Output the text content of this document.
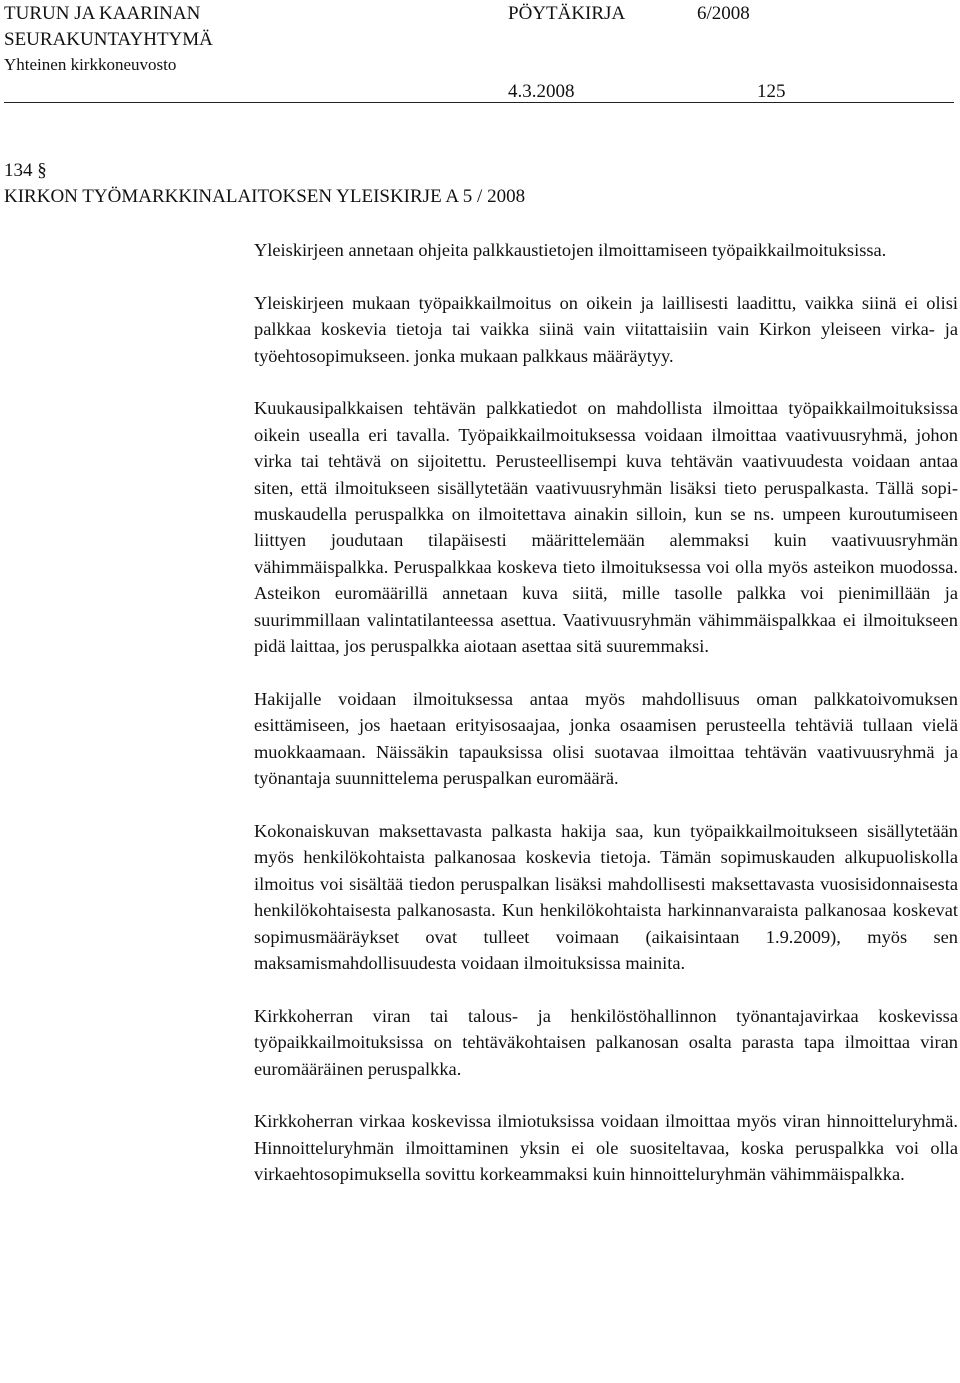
TURUN JA KAARINAN
SEURAKUNTAYHTYMÄ
Yhteinen kirkkoneuvosto
PÖYTÄKIRJA	6/2008
4.3.2008	125
134 §
KIRKON TYÖMARKKINALAITOKSEN YLEISKIRJE A 5 / 2008

Yleiskirjeen annetaan ohjeita palkkaustietojen ilmoittamiseen työpaikkailmoituksissa.

Yleiskirjeen mukaan työpaikkailmoitus on oikein ja laillisesti laadittu, vaikka siinä ei olisi palkkaa koskevia tietoja tai vaikka siinä vain viitattaisiin vain Kirkon yleiseen virka- ja työehtosopimukseen. jonka mukaan palkkaus määräytyy.

Kuukausipalkkaisen tehtävän palkkatiedot on mahdollista ilmoittaa työpaikkailmoituksissa oikein usealla eri tavalla. Työpaikkailmoituksessa voidaan ilmoittaa vaativuusryhmä, johon virka tai tehtävä on sijoitettu. Perusteellisempi kuva tehtävän vaativuudesta voidaan antaa siten, että ilmoitukseen sisällytetään vaativuusryhmän lisäksi tieto peruspalkasta. Tällä sopimuskaudella peruspalkka on ilmoitettava ainakin silloin, kun se ns. umpeen kuroutumiseen liittyen joudutaan tilapäisesti määrittelemään alemmaksi kuin vaativuusryhmän vähimmäispalkka. Peruspalkkaa koskeva tieto ilmoituksessa voi olla myös asteikon muodossa. Asteikon euromäärillä annetaan kuva siitä, mille tasolle palkka voi pienimillään ja suurimmillaan valintatilanteessa asettua. Vaativuusryhmän vähimmäispalkkaa ei ilmoitukseen pidä laittaa, jos peruspalkka aiotaan asettaa sitä suuremmaksi.

Hakijalle voidaan ilmoituksessa antaa myös mahdollisuus oman palkkatoivomuksen esittämiseen, jos haetaan erityisosaajaa, jonka osaamisen perusteella tehtäviä tullaan vielä muokkaamaan. Näissäkin tapauksissa olisi suotavaa ilmoittaa tehtävän vaativuusryhmä ja työnantaja suunnittelema peruspalkan euromäärä.

Kokonaiskuvan maksettavasta palkasta hakija saa, kun työpaikkailmoitukseen sisällytetään myös henkilökohtaista palkanosaa koskevia tietoja. Tämän sopimuskauden alkupuoliskolla ilmoitus voi sisältää tiedon peruspalkan lisäksi mahdollisesti maksettavasta vuosisidonnaisesta henkilökohtaisesta palkanosasta. Kun henkilökohtaista harkinnanvaraista palkanosaa koskevat sopimusmääräykset ovat tulleet voimaan (aikaisintaan 1.9.2009), myös sen maksamismahdollisuudesta voidaan ilmoituksissa mainita.

Kirkkoherran viran tai talous- ja henkilöstöhallinnon työnantajavirkaa koskevissa työpaikkailmoituksissa on tehtäväkohtaisen palkanosan osalta parasta tapa ilmoittaa viran euromääräinen peruspalkka.

Kirkkoherran virkaa koskevissa ilmiotuksissa voidaan ilmoittaa myös viran hinnoitteluryhmä. Hinnoitteluryhmän ilmoittaminen yksin ei ole suositeltavaa, koska peruspalkka voi olla virkaehtosopimuksella sovittu korkeammaksi kuin hinnoitteluryhmän vähimmäispalkka.
